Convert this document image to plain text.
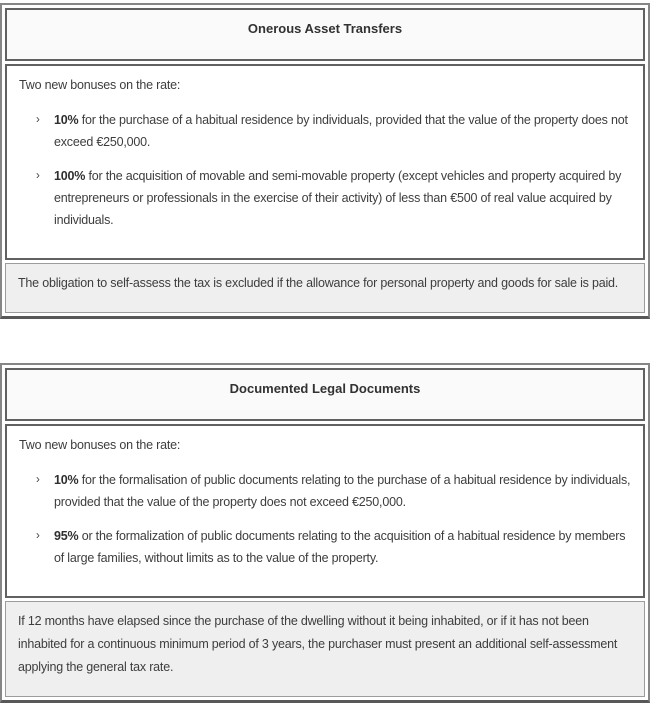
Onerous Asset Transfers

Two new bonuses on the rate:

› 10% for the purchase of a habitual residence by individuals, provided that the value of the property does not exceed €250,000.
› 100% for the acquisition of movable and semi-movable property (except vehicles and property acquired by entrepreneurs or professionals in the exercise of their activity) of less than €500 of real value acquired by individuals.

The obligation to self-assess the tax is excluded if the allowance for personal property and goods for sale is paid.

Documented Legal Documents

Two new bonuses on the rate:

› 10% for the formalisation of public documents relating to the purchase of a habitual residence by individuals, provided that the value of the property does not exceed €250,000.
› 95% or the formalization of public documents relating to the acquisition of a habitual residence by members of large families, without limits as to the value of the property.

If 12 months have elapsed since the purchase of the dwelling without it being inhabited, or if it has not been inhabited for a continuous minimum period of 3 years, the purchaser must present an additional self-assessment applying the general tax rate.
